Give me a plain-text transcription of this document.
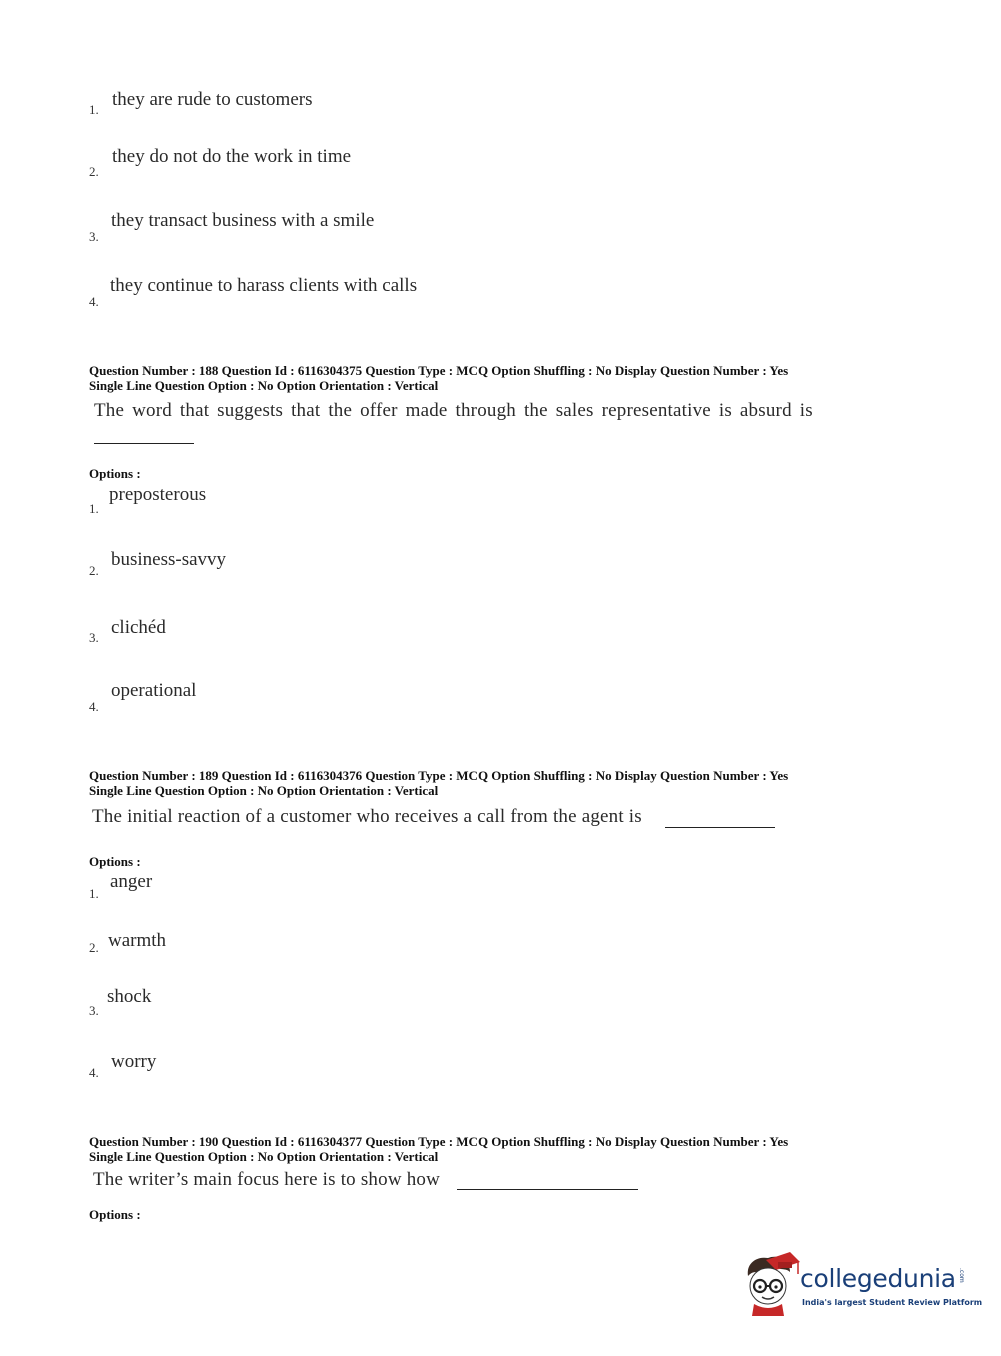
1. they are rude to customers
2.
they do not do the work in time
3.
they transact business with a smile
4.
they continue to harass clients with calls
Question Number : 188 Question Id : 6116304375 Question Type : MCQ Option Shuffling : No Display Question Number : Yes
Single Line Question Option : No Option Orientation : Vertical
The word that suggests that the offer made through the sales representative is absurd is
Options :
1.
preposterous
2.
business-savvy
3. clichéd
4.
operational
Question Number : 189 Question Id : 6116304376 Question Type : MCQ Option Shuffling : No Display Question Number : Yes
Single Line Question Option : No Option Orientation : Vertical
The initial reaction of a customer who receives a call from the agent is
Options :
1.
anger
2. warmth
3.
shock
4.
worry
Question Number : 190 Question Id : 6116304377 Question Type : MCQ Option Shuffling : No Display Question Number : Yes
Single Line Question Option : No Option Orientation : Vertical
The writer’s main focus here is to show how
Options :
collegedunia .com
India's largest Student Review Platform
